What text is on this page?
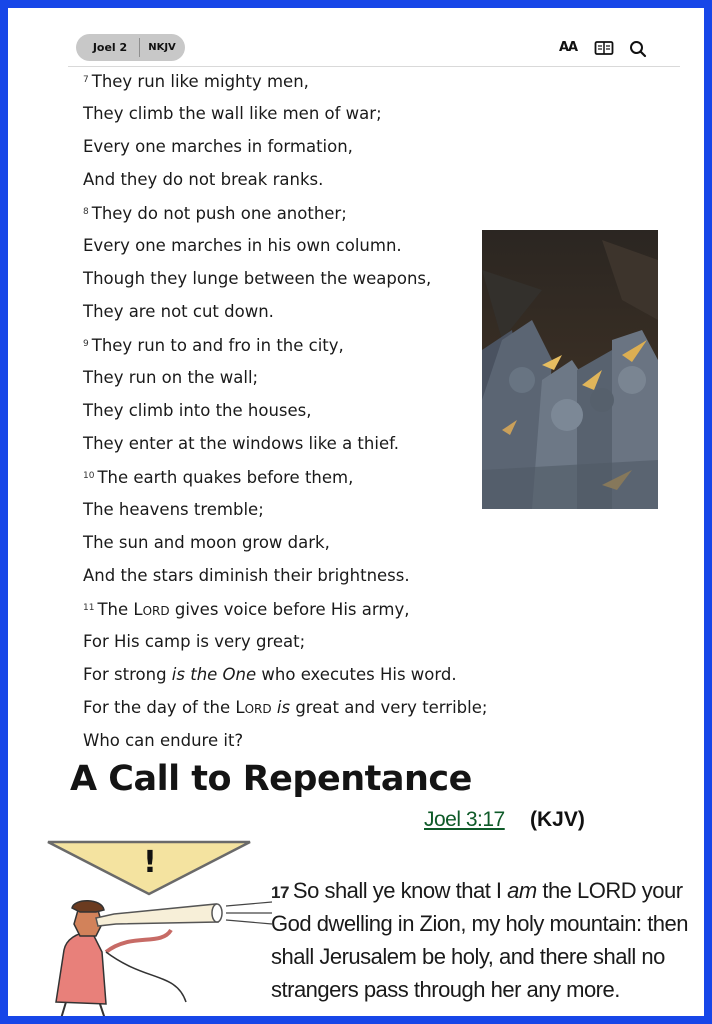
Joel 2	NKJV	AA
$^7$ They run like mighty men,
They climb the wall like men of war;
Every one marches in formation,
And they do not break ranks.
$^8$ They do not push one another;
Every one marches in his own column.
Though they lunge between the weapons,
They are not cut down.
$^9$ They run to and fro in the city,
They run on the wall;
They climb into the houses,
They enter at the windows like a thief.
$^{10}$ The earth quakes before them,
The heavens tremble;
The sun and moon grow dark,
And the stars diminish their brightness.
$^{11}$ The Lord gives voice before His army,
For His camp is very great;
For strong is the One who executes His word.
For the day of the Lord is great and very terrible;
Who can endure it?
A Call to Repentance
Joel 3:17 (KJV)
!
17 So shall ye know that I am the LORD your
God dwelling in Zion, my holy mountain: then
shall Jerusalem be holy, and there shall no
strangers pass through her any more.
